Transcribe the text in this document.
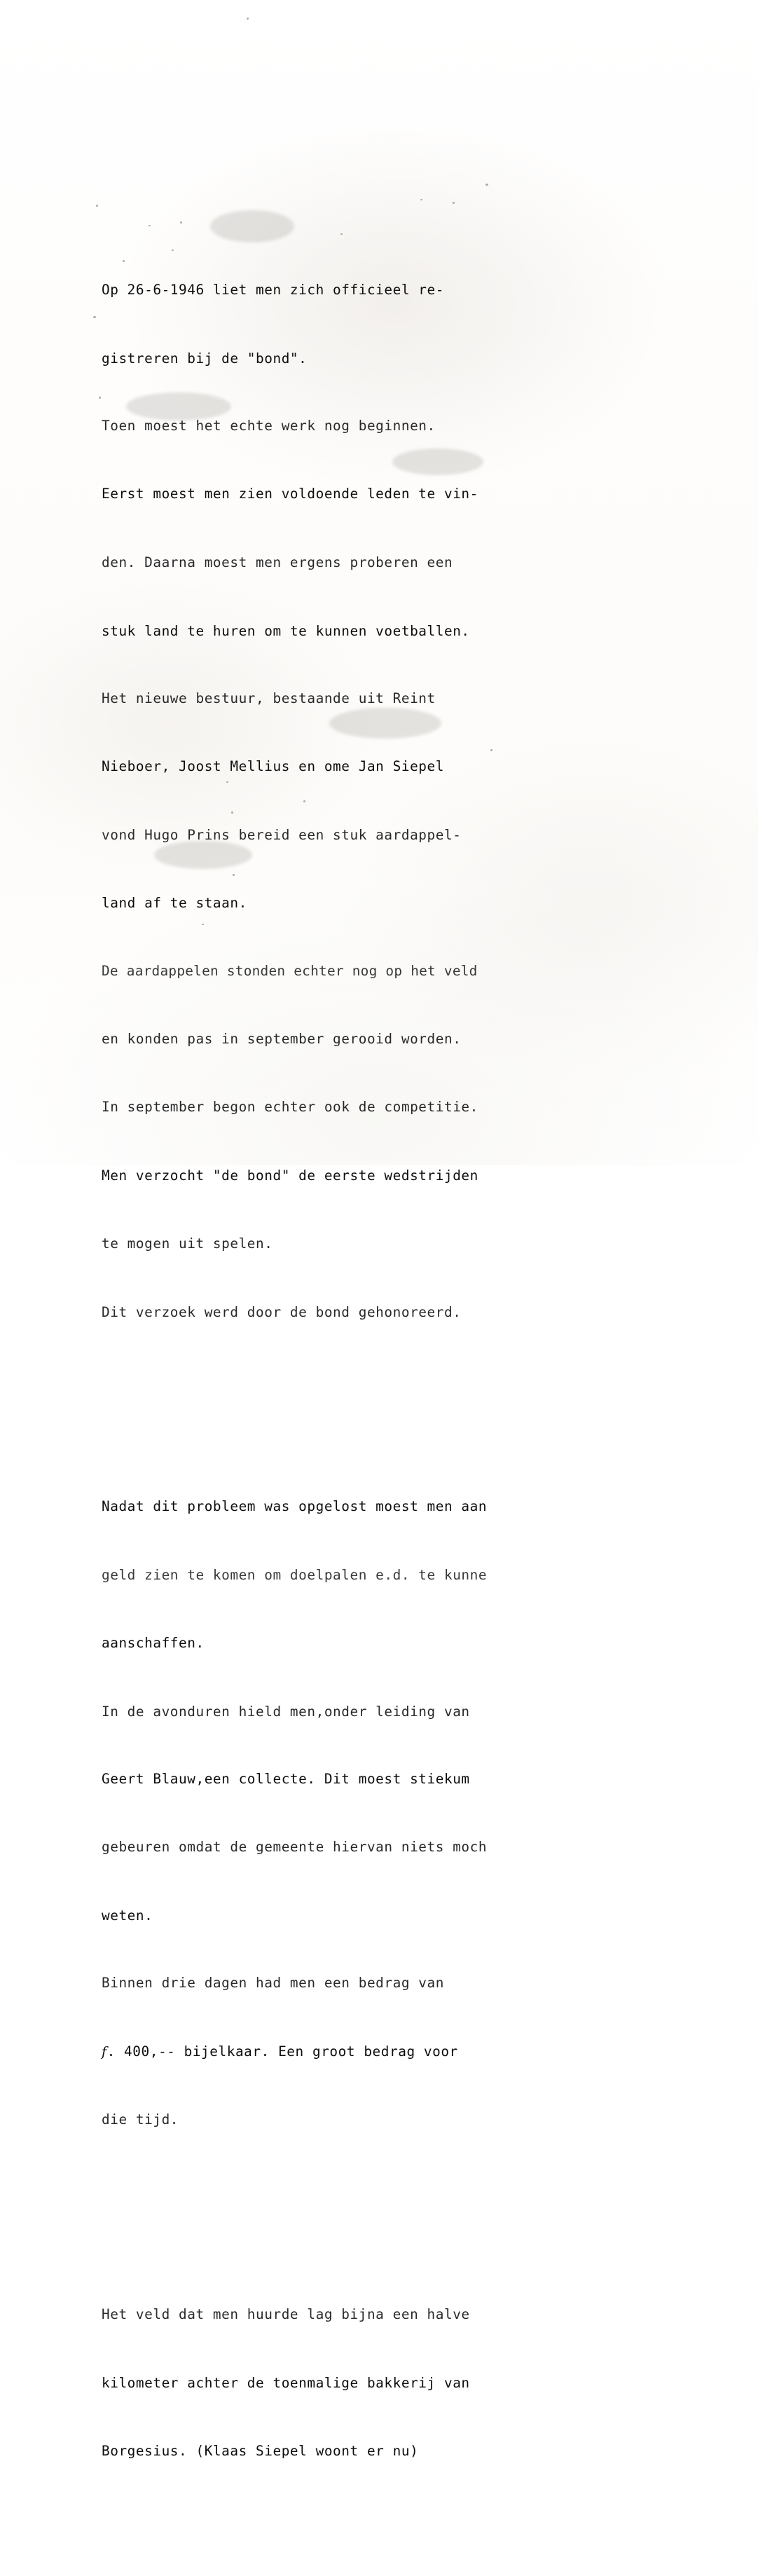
Op 26-6-1946 liet men zich officieel re-

gistreren bij de "bond".

Toen moest het echte werk nog beginnen.

Eerst moest men zien voldoende leden te vin-

den. Daarna moest men ergens proberen een

stuk land te huren om te kunnen voetballen.

Het nieuwe bestuur, bestaande uit Reint

Nieboer, Joost Mellius en ome Jan Siepel

vond Hugo Prins bereid een stuk aardappel-

land af te staan.

De aardappelen stonden echter nog op het veld

en konden pas in september gerooid worden.

In september begon echter ook de competitie.

Men verzocht "de bond" de eerste wedstrijden

te mogen uit spelen.

Dit verzoek werd door de bond gehonoreerd.

Nadat dit probleem was opgelost moest men aan

geld zien te komen om doelpalen e.d. te kunne

aanschaffen.

In de avonduren hield men,onder leiding van

Geert Blauw,een collecte. Dit moest stiekum

gebeuren omdat de gemeente hiervan niets moch

weten.

Binnen drie dagen had men een bedrag van

f. 400,-- bijelkaar. Een groot bedrag voor

die tijd.

Het veld dat men huurde lag bijna een halve

kilometer achter de toenmalige bakkerij van

Borgesius. (Klaas Siepel woont er nu)
